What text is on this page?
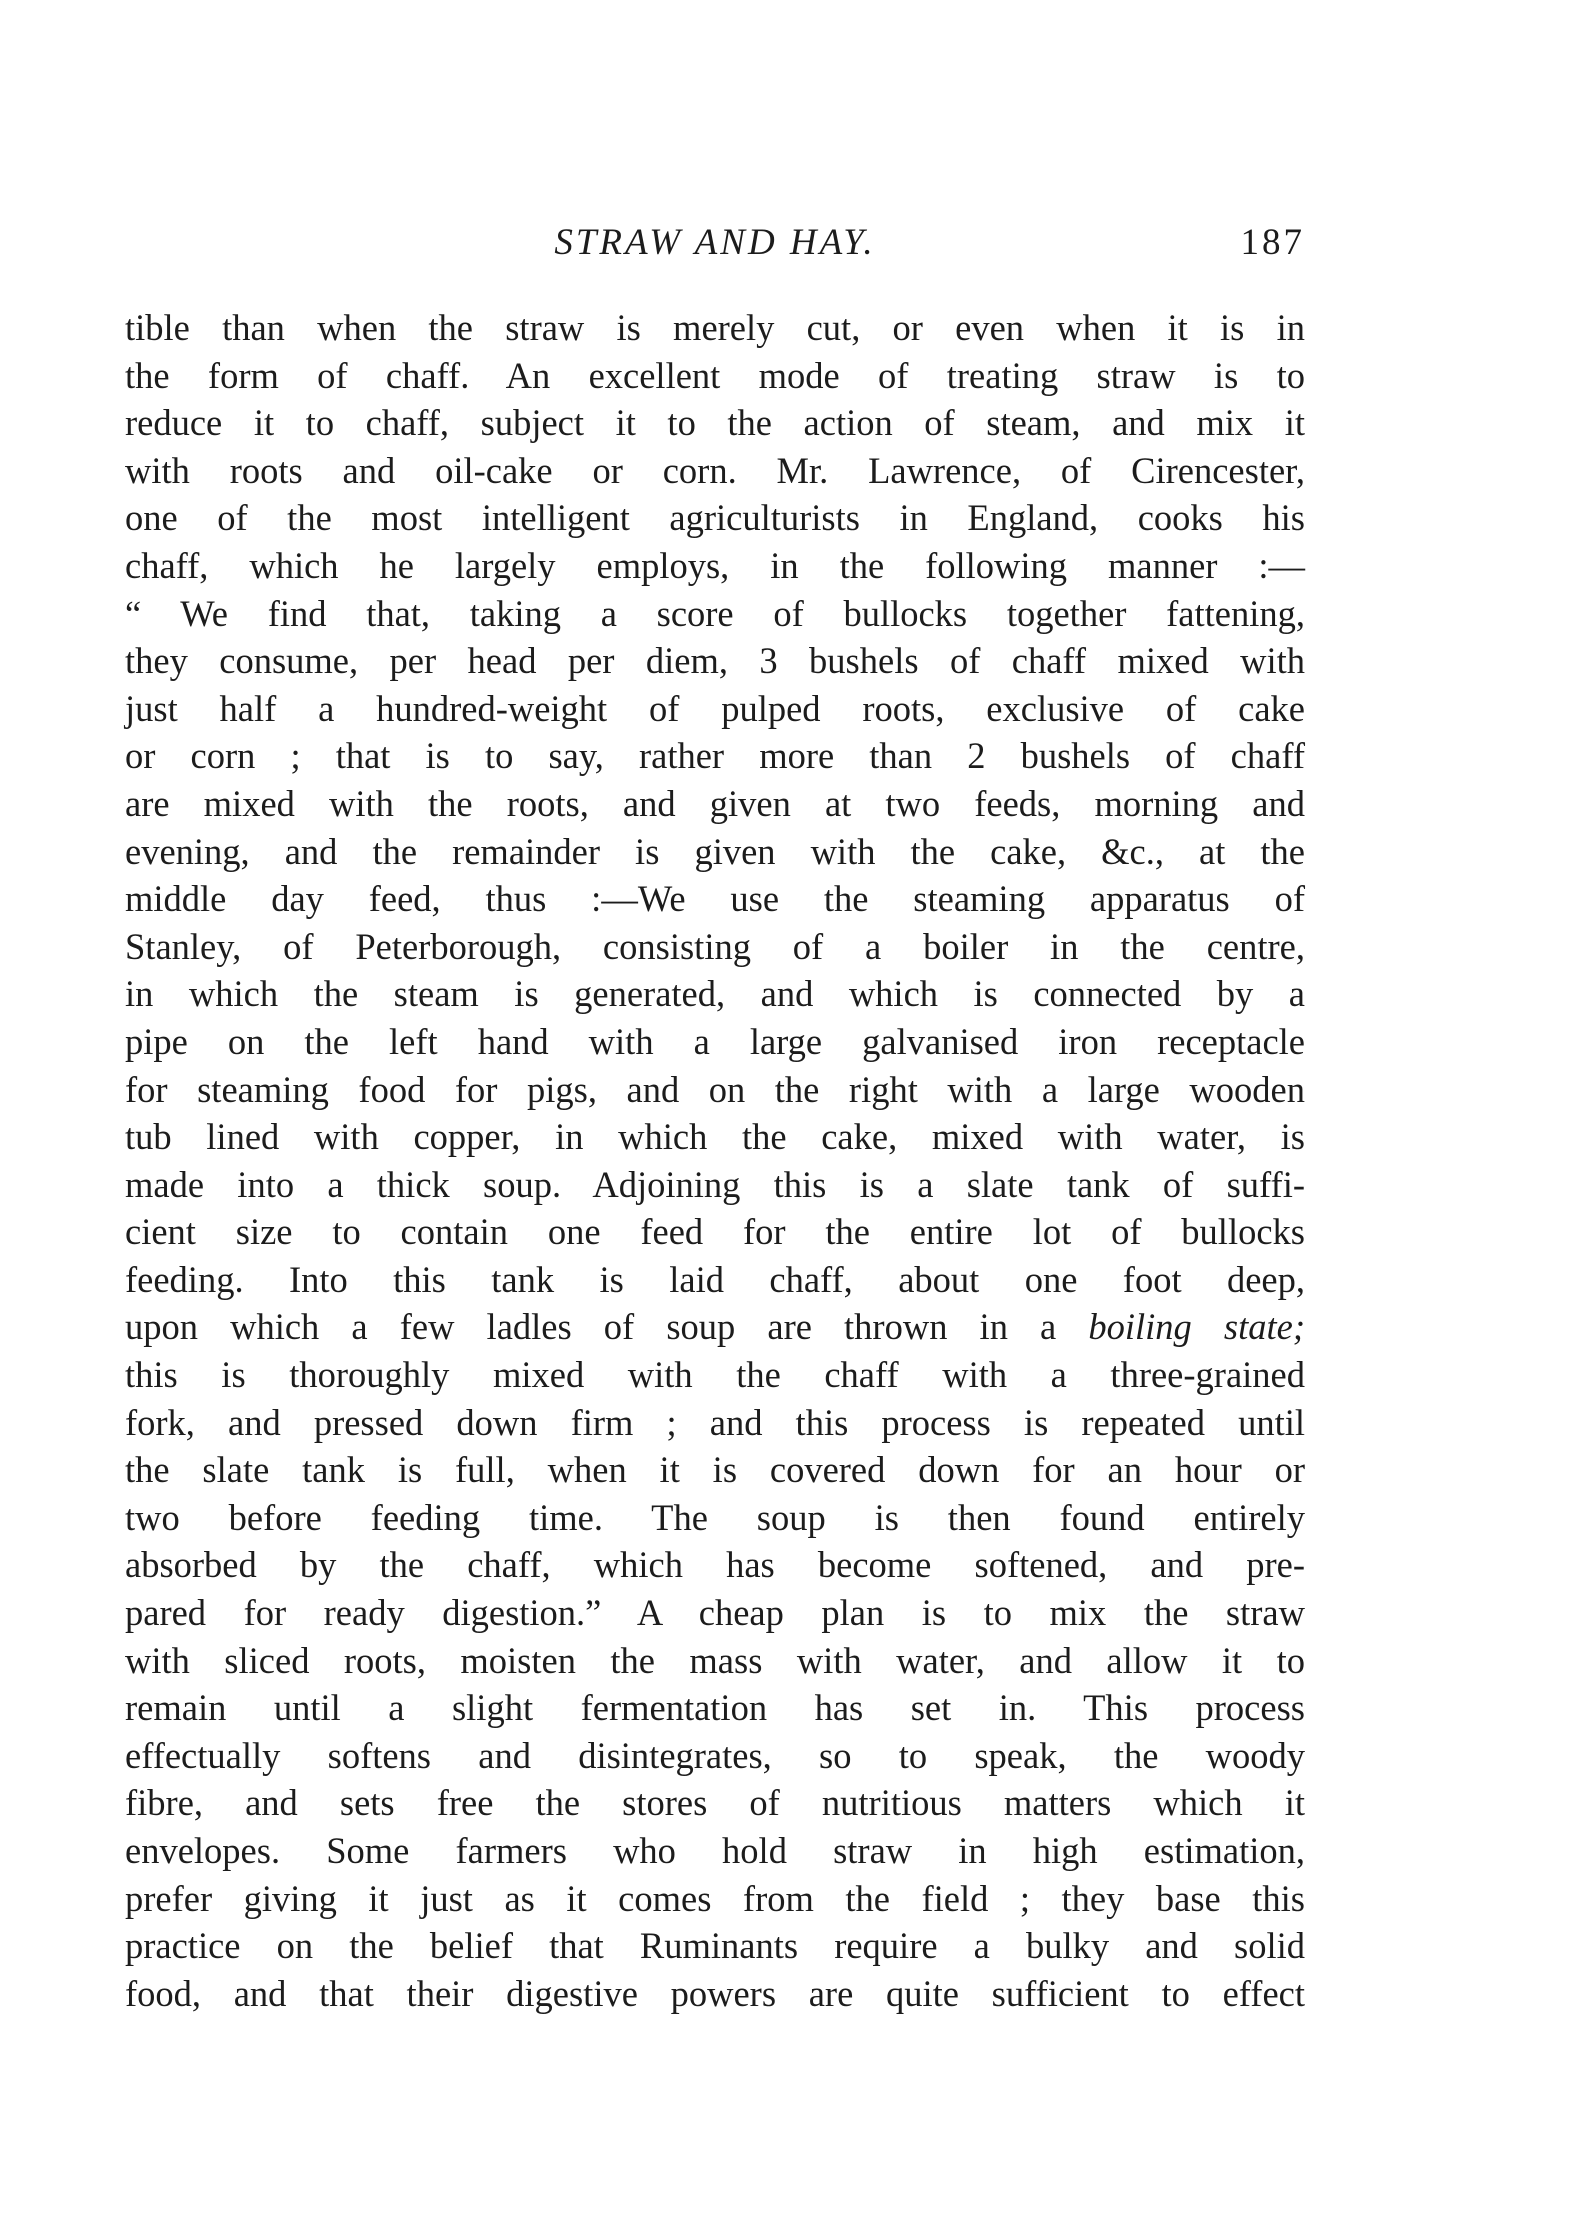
STRAW AND HAY.	187
tible than when the straw is merely cut, or even when it is in
the form of chaff. An excellent mode of treating straw is to
reduce it to chaff, subject it to the action of steam, and mix it
with roots and oil-cake or corn. Mr. Lawrence, of Cirencester,
one of the most intelligent agriculturists in England, cooks his
chaff, which he largely employs, in the following manner :—
“ We find that, taking a score of bullocks together fattening,
they consume, per head per diem, 3 bushels of chaff mixed with
just half a hundred-weight of pulped roots, exclusive of cake
or corn ; that is to say, rather more than 2 bushels of chaff
are mixed with the roots, and given at two feeds, morning and
evening, and the remainder is given with the cake, &c., at the
middle day feed, thus :—We use the steaming apparatus of
Stanley, of Peterborough, consisting of a boiler in the centre,
in which the steam is generated, and which is connected by a
pipe on the left hand with a large galvanised iron receptacle
for steaming food for pigs, and on the right with a large wooden
tub lined with copper, in which the cake, mixed with water, is
made into a thick soup. Adjoining this is a slate tank of suffi-
cient size to contain one feed for the entire lot of bullocks
feeding. Into this tank is laid chaff, about one foot deep,
upon which a few ladles of soup are thrown in a boiling state;
this is thoroughly mixed with the chaff with a three-grained
fork, and pressed down firm ; and this process is repeated until
the slate tank is full, when it is covered down for an hour or
two before feeding time. The soup is then found entirely
absorbed by the chaff, which has become softened, and pre-
pared for ready digestion.” A cheap plan is to mix the straw
with sliced roots, moisten the mass with water, and allow it to
remain until a slight fermentation has set in. This process
effectually softens and disintegrates, so to speak, the woody
fibre, and sets free the stores of nutritious matters which it
envelopes. Some farmers who hold straw in high estimation,
prefer giving it just as it comes from the field ; they base this
practice on the belief that Ruminants require a bulky and solid
food, and that their digestive powers are quite sufficient to effect
